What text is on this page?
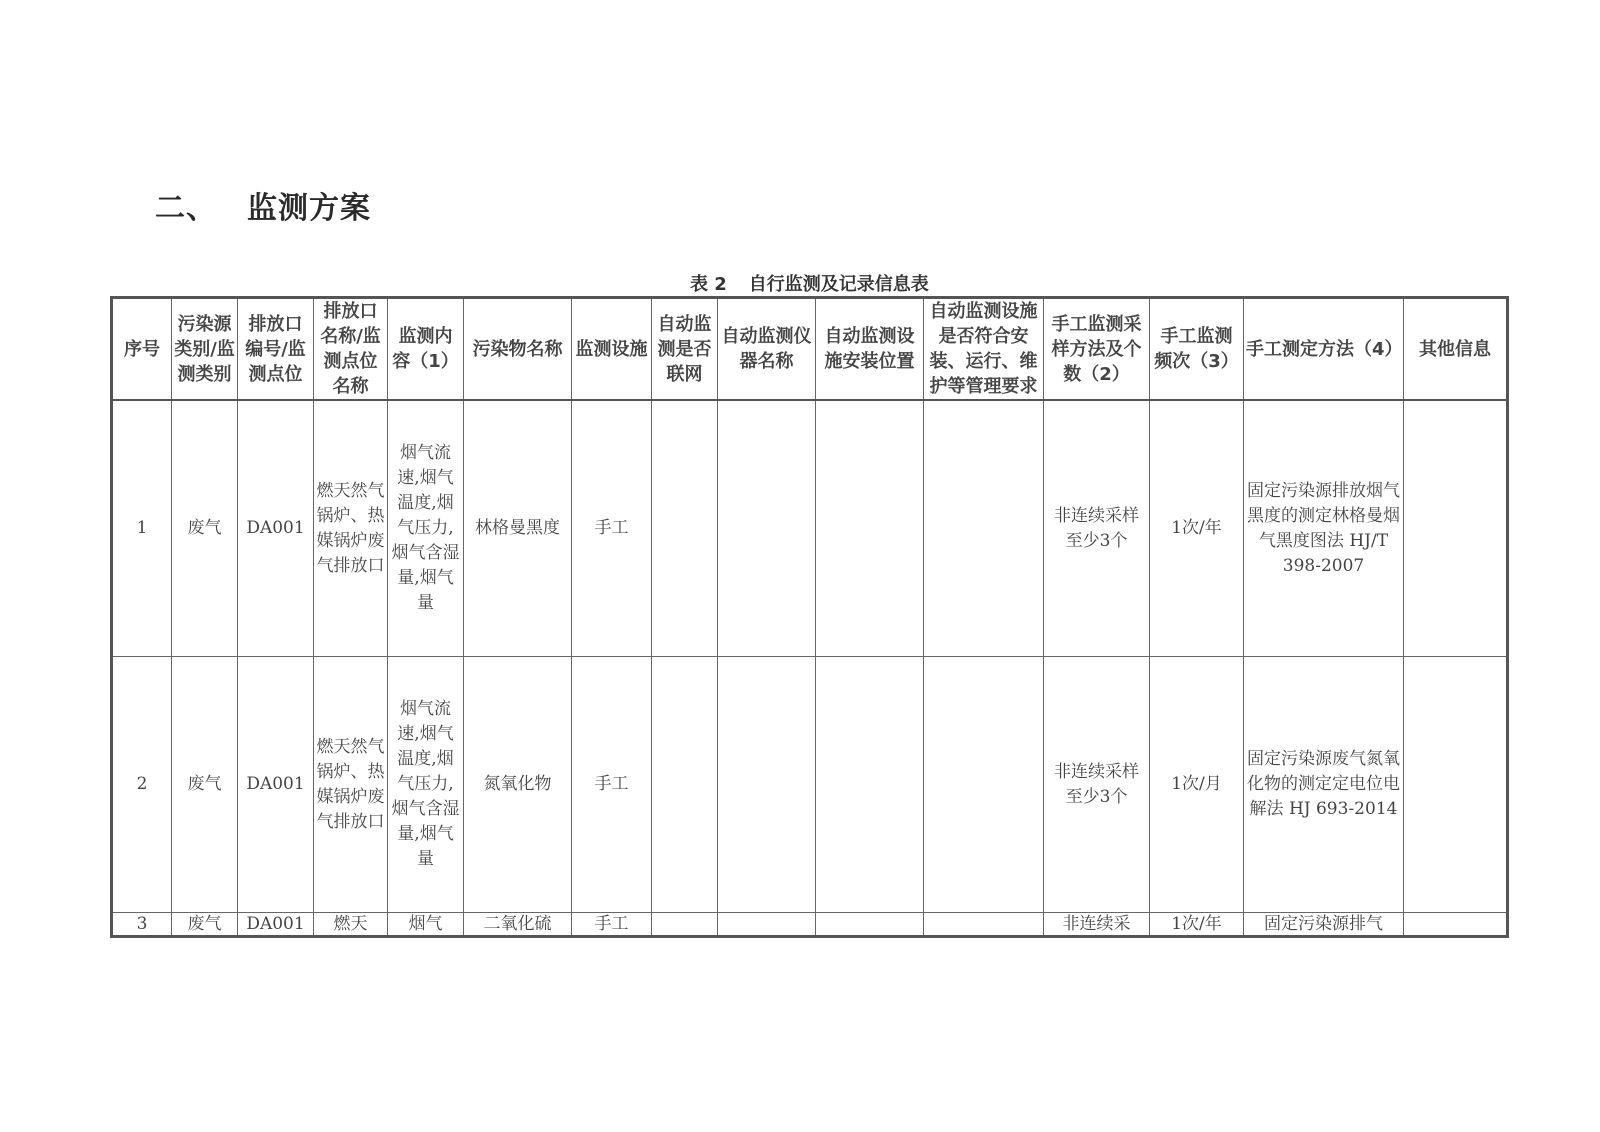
二、 监测方案
表 2 自行监测及记录信息表
序号	污染源类别/监测类别	排放口编号/监测点位	排放口名称/监测点位名称	监测内容（1）	污染物名称	监测设施	自动监测是否联网	自动监测仪器名称	自动监测设施安装位置	自动监测设施是否符合安装、运行、维护等管理要求	手工监测采样方法及个数（2）	手工监测频次（3）	手工测定方法（4）	其他信息
1	废气	DA001	燃天然气锅炉、热媒锅炉废气排放口	烟气流速,烟气温度,烟气压力,烟气含湿量,烟气量	林格曼黑度	手工					非连续采样 至少3个	1次/年	固定污染源排放烟气黑度的测定林格曼烟气黑度图法 HJ/T 398-2007	
2	废气	DA001	燃天然气锅炉、热媒锅炉废气排放口	烟气流速,烟气温度,烟气压力,烟气含湿量,烟气量	氮氧化物	手工					非连续采样 至少3个	1次/月	固定污染源废气氮氧化物的测定定电位电解法 HJ 693-2014	
3	废气	DA001	燃天	烟气	二氧化硫	手工					非连续采	1次/年	固定污染源排气	
